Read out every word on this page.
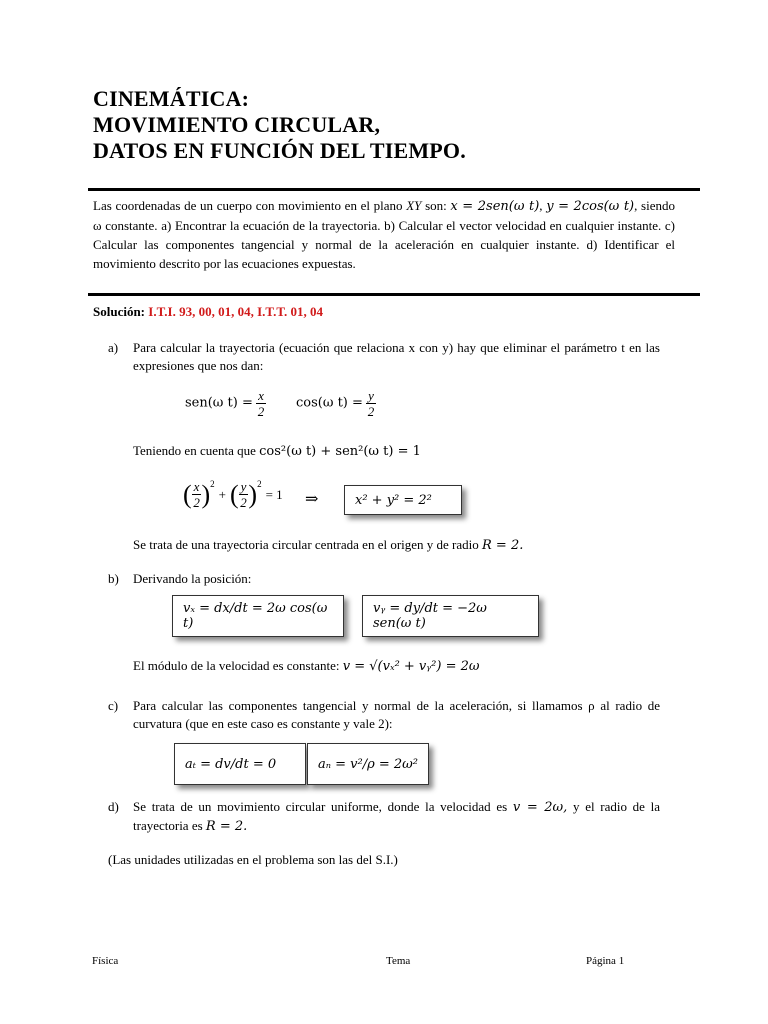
CINEMÁTICA:
MOVIMIENTO CIRCULAR,
DATOS EN FUNCIÓN DEL TIEMPO.
Las coordenadas de un cuerpo con movimiento en el plano XY son: x = 2sen(ω t), y = 2cos(ω t), siendo ω constante. a) Encontrar la ecuación de la trayectoria. b) Calcular el vector velocidad en cualquier instante. c) Calcular las componentes tangencial y normal de la aceleración en cualquier instante. d) Identificar el movimiento descrito por las ecuaciones expuestas.
Solución: I.T.I. 93, 00, 01, 04, I.T.T. 01, 04
a) Para calcular la trayectoria (ecuación que relaciona x con y) hay que eliminar el parámetro t en las expresiones que nos dan:
sen(ω $t) = \frac{x}{2} \cos(\omega$ $t) = \frac{y}{2}$
Teniendo en cuenta que cos²(ω t) + sen²(ω t) = 1
( $\frac{x}{2} )^2$
+ ( $\frac{y}{2} )^2$
= 1 ⇒	x² + y² = 2²
Se trata de una trayectoria circular centrada en el origen y de radio R = 2.
b) Derivando la posición:
vₓ = dx/dt = 2ω cos(ω t)
vᵧ = dy/dt = −2ω sen(ω t)
El módulo de la velocidad es constante: v = √(vₓ² + vᵧ²) = 2ω
c) Para calcular las componentes tangencial y normal de la aceleración, si llamamos ρ al radio de curvatura (que en este caso es constante y vale 2):
aₜ = dv/dt = 0	aₙ = v²/ρ = 2ω²
d) Se trata de un movimiento circular uniforme, donde la velocidad es v = 2ω, y el radio de la trayectoria es R = 2.
(Las unidades utilizadas en el problema son las del S.I.)
Física	Tema	Página 1
